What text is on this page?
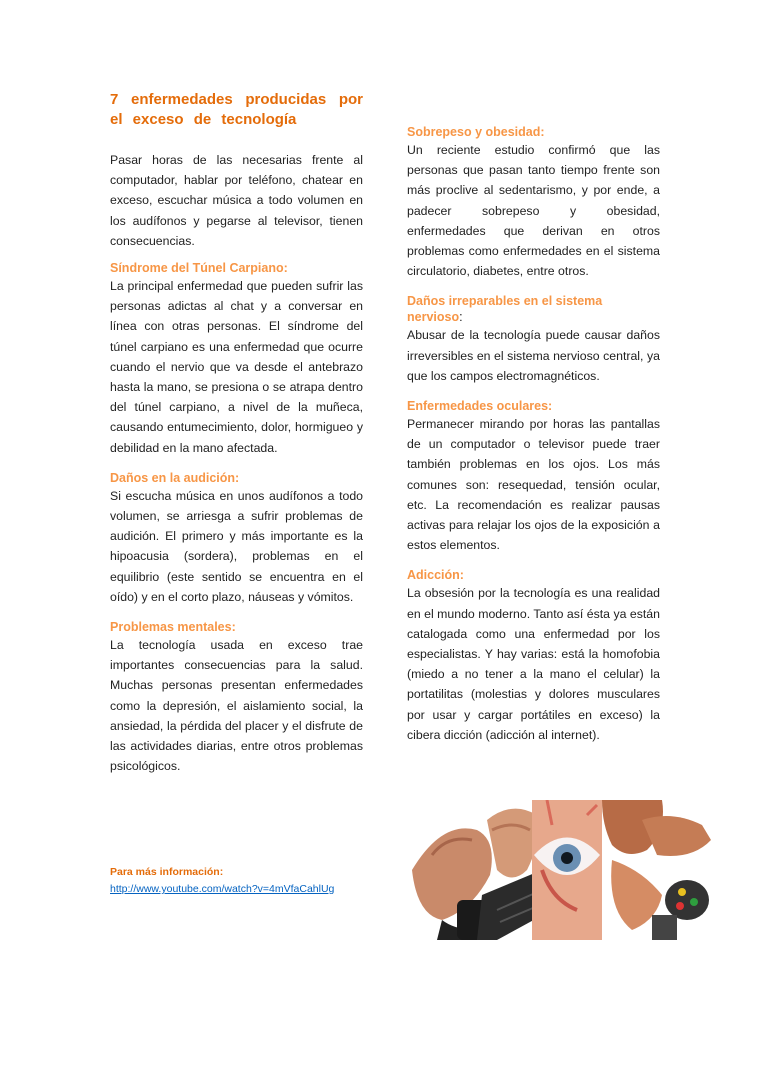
7 enfermedades producidas por el exceso de tecnología

Pasar horas de las necesarias frente al computador, hablar por teléfono, chatear en exceso, escuchar música a todo volumen en los audífonos y pegarse al televisor, tienen consecuencias.

Síndrome del Túnel Carpiano:

La principal enfermedad que pueden sufrir las personas adictas al chat y a conversar en línea con otras personas. El síndrome del túnel carpiano es una enfermedad que ocurre cuando el nervio que va desde el antebrazo hasta la mano, se presiona o se atrapa dentro del túnel carpiano, a nivel de la muñeca, causando entumecimiento, dolor, hormigueo y debilidad en la mano afectada.

Daños en la audición:

Si escucha música en unos audífonos a todo volumen, se arriesga a sufrir problemas de audición. El primero y más importante es la hipoacusia (sordera), problemas en el equilibrio (este sentido se encuentra en el oído) y en el corto plazo, náuseas y vómitos.

Problemas mentales:

La tecnología usada en exceso trae importantes consecuencias para la salud. Muchas personas presentan enfermedades como la depresión, el aislamiento social, la ansiedad, la pérdida del placer y el disfrute de las actividades diarias, entre otros problemas psicológicos.

Para más información:
http://www.youtube.com/watch?v=4mVfaCahlUg
Sobrepeso y obesidad:

Un reciente estudio confirmó que las personas que pasan tanto tiempo frente son más proclive al sedentarismo, y por ende, a padecer sobrepeso y obesidad, enfermedades que derivan en otros problemas como enfermedades en el sistema circulatorio, diabetes, entre otros.

Daños irreparables en el sistema nervioso:

Abusar de la tecnología puede causar daños irreversibles en el sistema nervioso central, ya que los campos electromagnéticos.

Enfermedades oculares:

Permanecer mirando por horas las pantallas de un computador o televisor puede traer también problemas en los ojos. Los más comunes son: resequedad, tensión ocular, etc. La recomendación es realizar pausas activas para relajar los ojos de la exposición a estos elementos.

Adicción:

La obsesión por la tecnología es una realidad en el mundo moderno. Tanto así ésta ya están catalogada como una enfermedad por los especialistas. Y hay varias: está la homofobia (miedo a no tener a la mano el celular) la portatilitas (molestias y dolores musculares por usar y cargar portátiles en exceso) la cibera dicción (adicción al internet).
